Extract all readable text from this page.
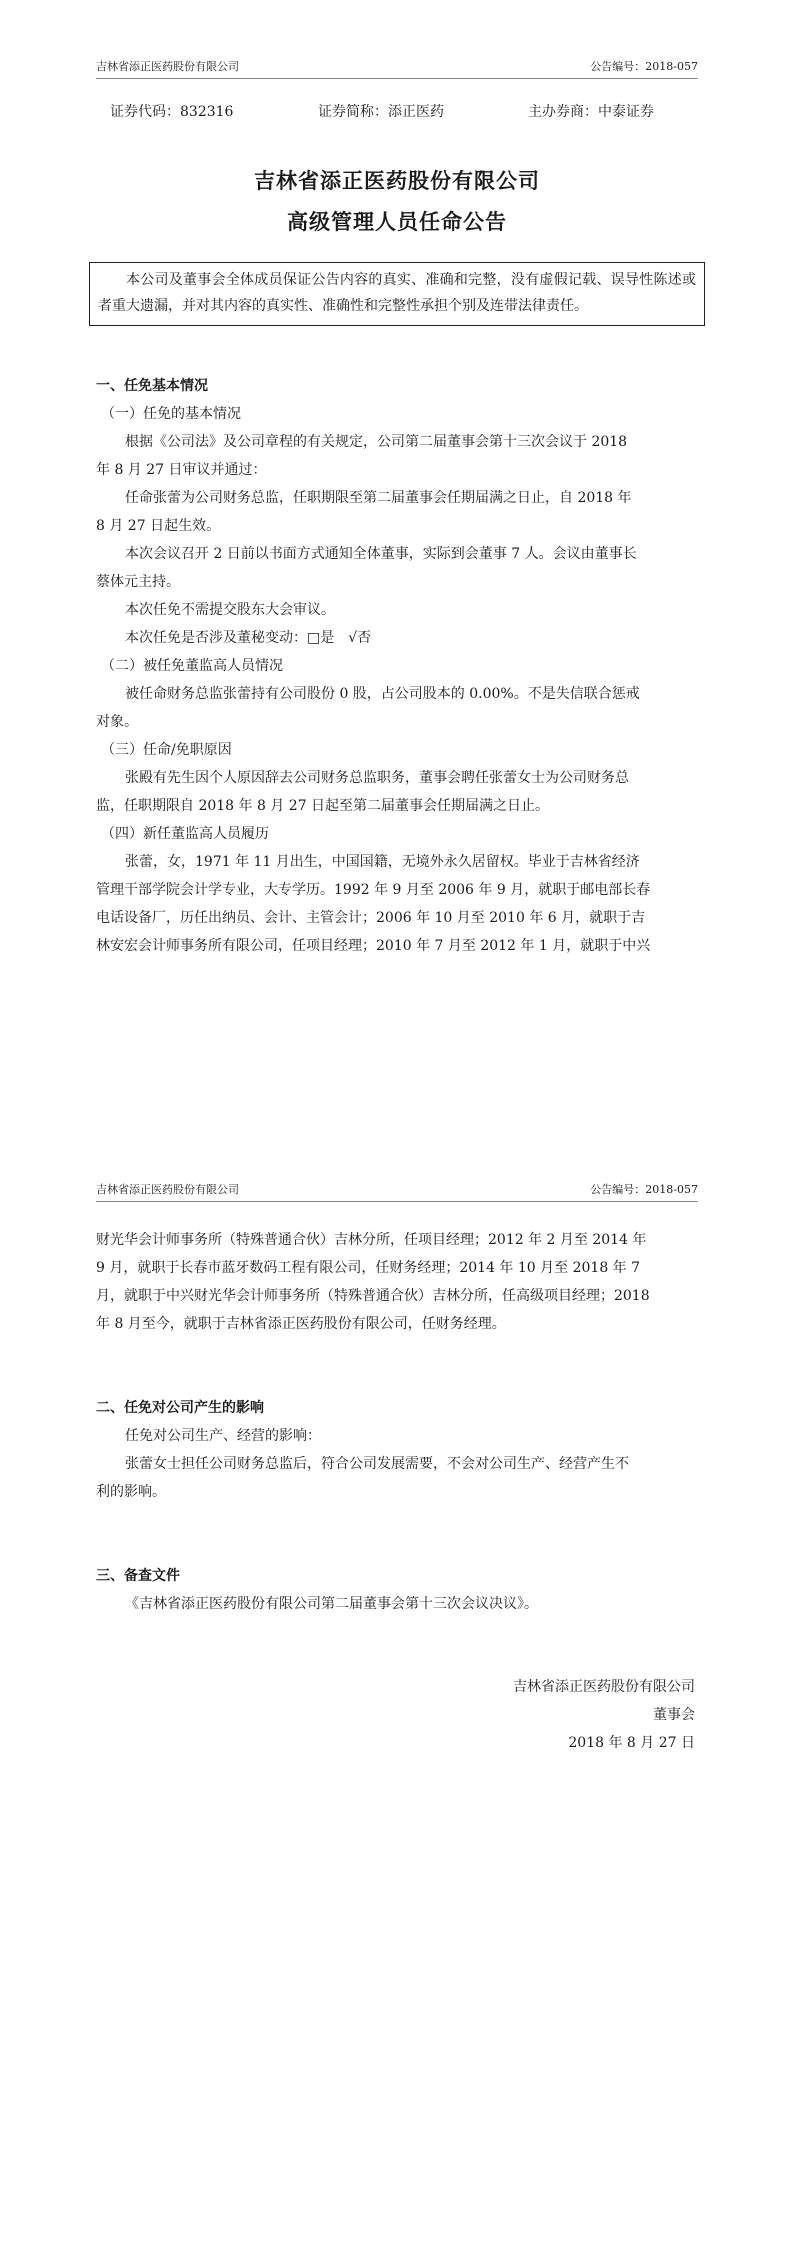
吉林省添正医药股份有限公司	公告编号：2018-057
证券代码：832316	证券简称：添正医药	主办券商：中泰证券
吉林省添正医药股份有限公司
高级管理人员任命公告
本公司及董事会全体成员保证公告内容的真实、准确和完整，没有虚假记载、误导性陈述或者重大遗漏，并对其内容的真实性、准确性和完整性承担个别及连带法律责任。
一、任免基本情况
（一）任免的基本情况
根据《公司法》及公司章程的有关规定，公司第二届董事会第十三次会议于 2018
年 8 月 27 日审议并通过：
任命张蕾为公司财务总监，任职期限至第二届董事会任期届满之日止，自 2018 年
8 月 27 日起生效。
本次会议召开 2 日前以书面方式通知全体董事，实际到会董事 7 人。会议由董事长
蔡体元主持。
本次任免不需提交股东大会审议。
本次任免是否涉及董秘变动：□是　√否
（二）被任免董监高人员情况
被任命财务总监张蕾持有公司股份 0 股，占公司股本的 0.00%。不是失信联合惩戒
对象。
（三）任命/免职原因
张殿有先生因个人原因辞去公司财务总监职务，董事会聘任张蕾女士为公司财务总
监，任职期限自 2018 年 8 月 27 日起至第二届董事会任期届满之日止。
（四）新任董监高人员履历
张蕾，女，1971 年 11 月出生，中国国籍，无境外永久居留权。毕业于吉林省经济
管理干部学院会计学专业，大专学历。1992 年 9 月至 2006 年 9 月，就职于邮电部长春
电话设备厂，历任出纳员、会计、主管会计；2006 年 10 月至 2010 年 6 月，就职于吉
林安宏会计师事务所有限公司，任项目经理；2010 年 7 月至 2012 年 1 月，就职于中兴
吉林省添正医药股份有限公司	公告编号：2018-057
财光华会计师事务所（特殊普通合伙）吉林分所，任项目经理；2012 年 2 月至 2014 年
9 月，就职于长春市蓝牙数码工程有限公司，任财务经理；2014 年 10 月至 2018 年 7
月，就职于中兴财光华会计师事务所（特殊普通合伙）吉林分所，任高级项目经理；2018
年 8 月至今，就职于吉林省添正医药股份有限公司，任财务经理。
二、任免对公司产生的影响
任免对公司生产、经营的影响：
张蕾女士担任公司财务总监后，符合公司发展需要，不会对公司生产、经营产生不
利的影响。
三、备查文件
《吉林省添正医药股份有限公司第二届董事会第十三次会议决议》。
吉林省添正医药股份有限公司
董事会
2018 年 8 月 27 日
